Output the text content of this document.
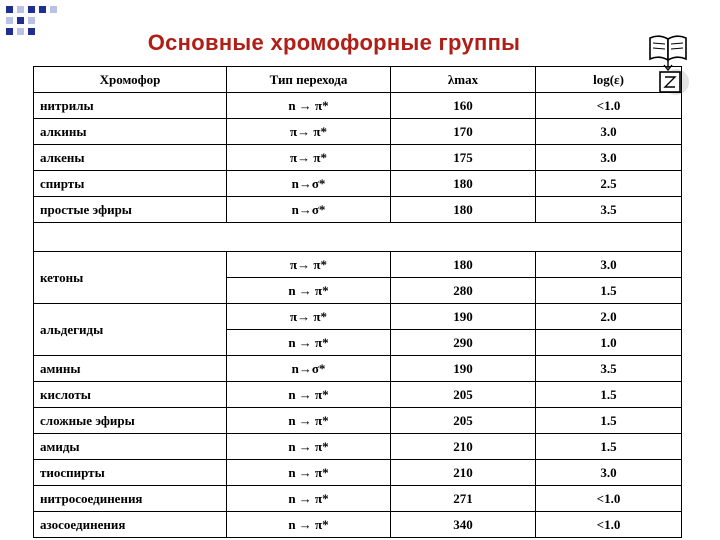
Основные хромофорные группы
Хромофор	Тип перехода	λmax	log(ε)
нитрилы	n → π*	160	<1.0
алкины	π→ π*	170	3.0
алкены	π→ π*	175	3.0
спирты	n→σ*	180	2.5
простые эфиры	n→σ*	180	3.5

кетоны	π→ π*	180	3.0
	n → π*	280	1.5
альдегиды	π→ π*	190	2.0
	n → π*	290	1.0
амины	n→σ*	190	3.5
кислоты	n → π*	205	1.5
сложные эфиры	n → π*	205	1.5
амиды	n → π*	210	1.5
тиоспирты	n → π*	210	3.0
нитросоединения	n → π*	271	<1.0
азосоединения	n → π*	340	<1.0
